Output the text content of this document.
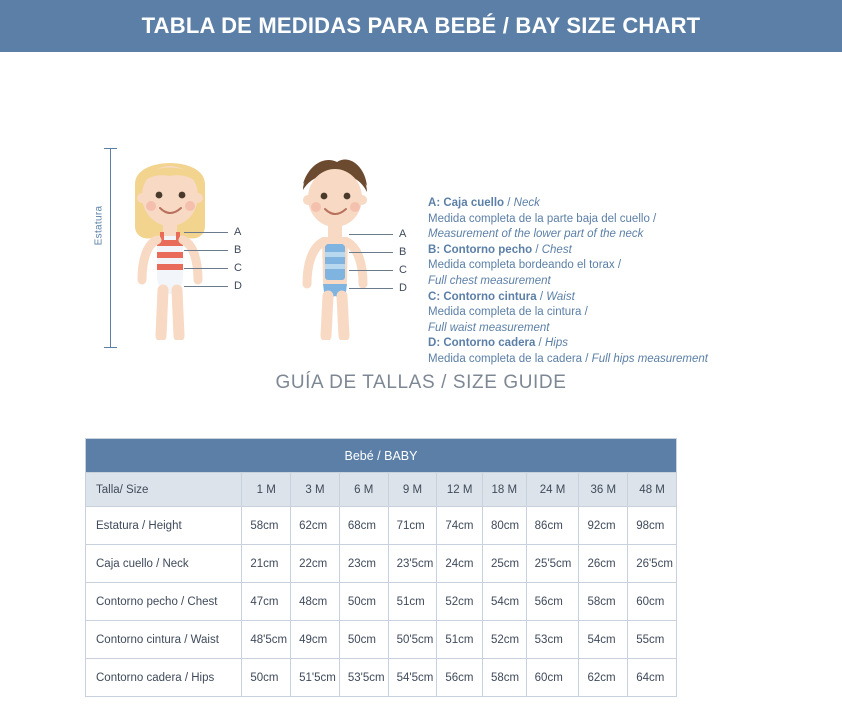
TABLA DE MEDIDAS PARA BEBÉ / BAY SIZE CHART
Estatura	A
B
C
D
A
B
C
D
A: Caja cuello / Neck
Medida completa de la parte baja del cuello /
Measurement of the lower part of the neck
B: Contorno pecho / Chest
Medida completa bordeando el torax /
Full chest measurement
C: Contorno cintura / Waist
Medida completa de la cintura /
Full waist measurement
D: Contorno cadera / Hips
Medida completa de la cadera / Full hips measurement
GUÍA DE TALLAS / SIZE GUIDE
Bebé / BABY									
Talla/ Size	1 M	3 M	6 M	9 M	12 M	18 M	24 M	36 M	48 M
Estatura / Height	58cm	62cm	68cm	71cm	74cm	80cm	86cm	92cm	98cm
Caja cuello / Neck	21cm	22cm	23cm	23'5cm	24cm	25cm	25'5cm	26cm	26'5cm
Contorno pecho / Chest	47cm	48cm	50cm	51cm	52cm	54cm	56cm	58cm	60cm
Contorno cintura / Waist	48'5cm	49cm	50cm	50'5cm	51cm	52cm	53cm	54cm	55cm
Contorno cadera / Hips	50cm	51'5cm	53'5cm	54'5cm	56cm	58cm	60cm	62cm	64cm
